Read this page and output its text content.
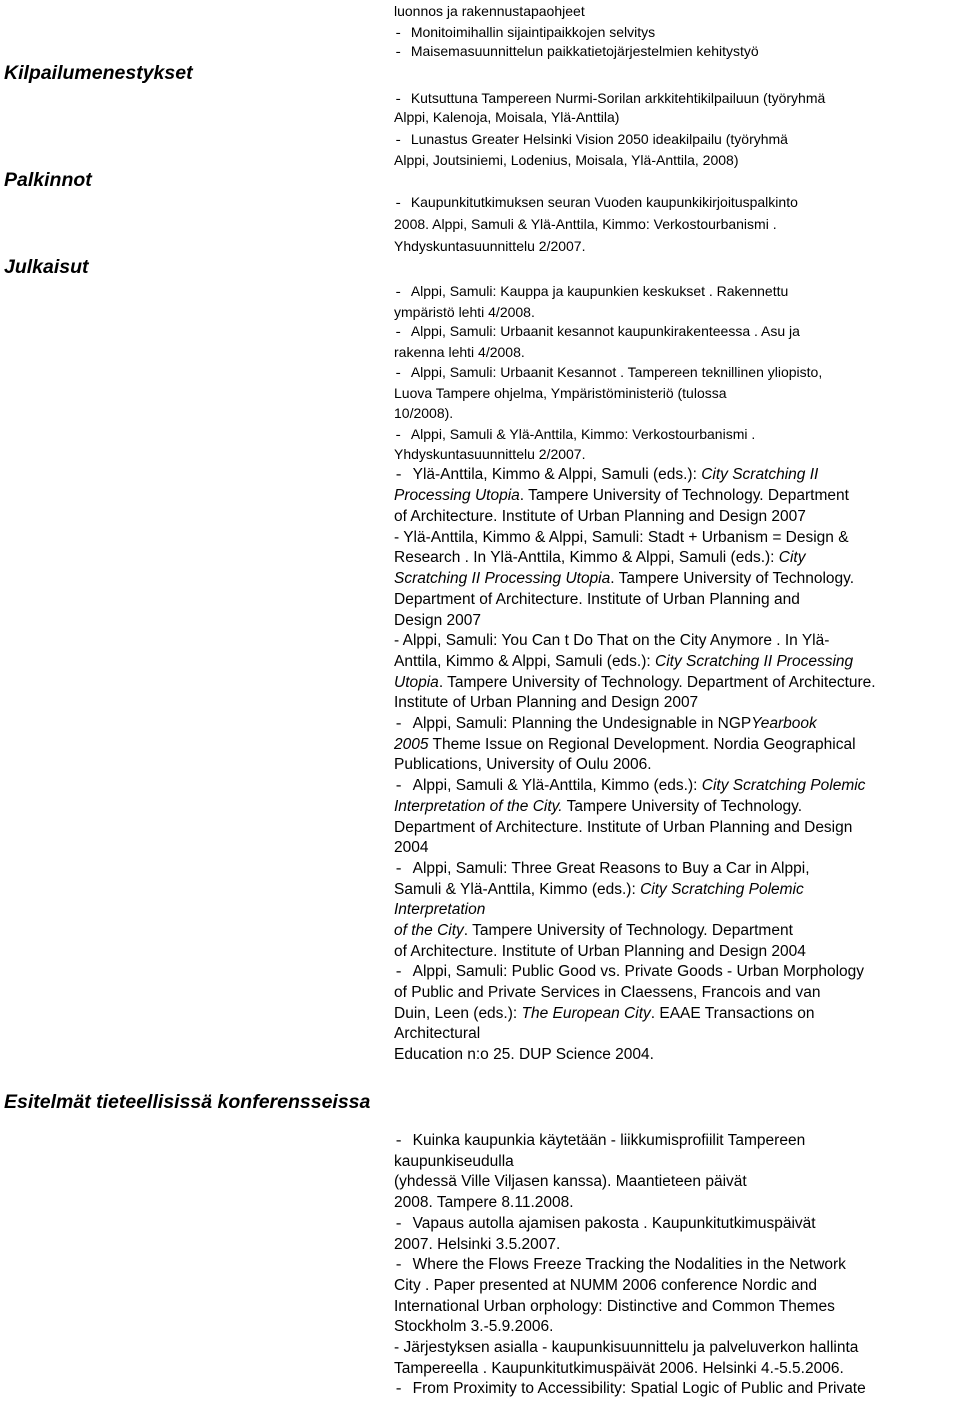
Kilpailumenestykset
Palkinnot
Julkaisut
Esitelmät tieteellisissä konferensseissa
luonnos ja rakennustapaohjeet
- Monitoimihallin sijaintipaikkojen selvitys
- Maisemasuunnittelun paikkatietojärjestelmien kehitystyö
- Kutsuttuna Tampereen Nurmi-Sorilan arkkitehtikilpailuun (työryhmä
Alppi, Kalenoja, Moisala, Ylä-Anttila)
- Lunastus Greater Helsinki Vision 2050 ideakilpailu (työryhmä
Alppi, Joutsiniemi, Lodenius, Moisala, Ylä-Anttila, 2008)
- Kaupunkitutkimuksen seuran Vuoden kaupunkikirjoituspalkinto
2008. Alppi, Samuli & Ylä-Anttila, Kimmo: Verkostourbanismi .
Yhdyskuntasuunnittelu 2/2007.
- Alppi, Samuli: Kauppa ja kaupunkien keskukset . Rakennettu
ympäristö lehti 4/2008.
- Alppi, Samuli: Urbaanit kesannot kaupunkirakenteessa . Asu ja
rakenna lehti 4/2008.
- Alppi, Samuli: Urbaanit Kesannot . Tampereen teknillinen yliopisto,
Luova Tampere ohjelma, Ympäristöministeriö (tulossa
10/2008).
- Alppi, Samuli & Ylä-Anttila, Kimmo: Verkostourbanismi .
Yhdyskuntasuunnittelu 2/2007.
- Ylä-Anttila, Kimmo & Alppi, Samuli (eds.): City Scratching II
Processing Utopia. Tampere University of Technology. Department
of Architecture. Institute of Urban Planning and Design 2007
- Ylä-Anttila, Kimmo & Alppi, Samuli: Stadt + Urbanism = Design &
Research . In Ylä-Anttila, Kimmo & Alppi, Samuli (eds.): City
Scratching II Processing Utopia. Tampere University of Technology.
Department of Architecture. Institute of Urban Planning and
Design 2007
- Alppi, Samuli: You Can t Do That on the City Anymore . In Ylä-
Anttila, Kimmo & Alppi, Samuli (eds.): City Scratching II Processing
Utopia. Tampere University of Technology. Department of Architecture.
Institute of Urban Planning and Design 2007
- Alppi, Samuli: Planning the Undesignable in NGPYearbook
2005 Theme Issue on Regional Development. Nordia Geographical
Publications, University of Oulu 2006.
- Alppi, Samuli & Ylä-Anttila, Kimmo (eds.): City Scratching Polemic
Interpretation of the City. Tampere University of Technology.
Department of Architecture. Institute of Urban Planning and Design
2004
- Alppi, Samuli: Three Great Reasons to Buy a Car in Alppi,
Samuli & Ylä-Anttila, Kimmo (eds.): City Scratching Polemic
Interpretation
of the City. Tampere University of Technology. Department
of Architecture. Institute of Urban Planning and Design 2004
- Alppi, Samuli: Public Good vs. Private Goods - Urban Morphology
of Public and Private Services in Claessens, Francois and van
Duin, Leen (eds.): The European City. EAAE Transactions on
Architectural
Education n:o 25. DUP Science 2004.
- Kuinka kaupunkia käytetään - liikkumisprofiilit Tampereen
kaupunkiseudulla
(yhdessä Ville Viljasen kanssa). Maantieteen päivät
2008. Tampere 8.11.2008.
- Vapaus autolla ajamisen pakosta . Kaupunkitutkimuspäivät
2007. Helsinki 3.5.2007.
- Where the Flows Freeze Tracking the Nodalities in the Network
City . Paper presented at NUMM 2006 conference Nordic and
International Urban orphology: Distinctive and Common Themes
Stockholm 3.-5.9.2006.
- Järjestyksen asialla - kaupunkisuunnittelu ja palveluverkon hallinta
Tampereella . Kaupunkitutkimuspäivät 2006. Helsinki 4.-5.5.2006.
- From Proximity to Accessibility: Spatial Logic of Public and Private
